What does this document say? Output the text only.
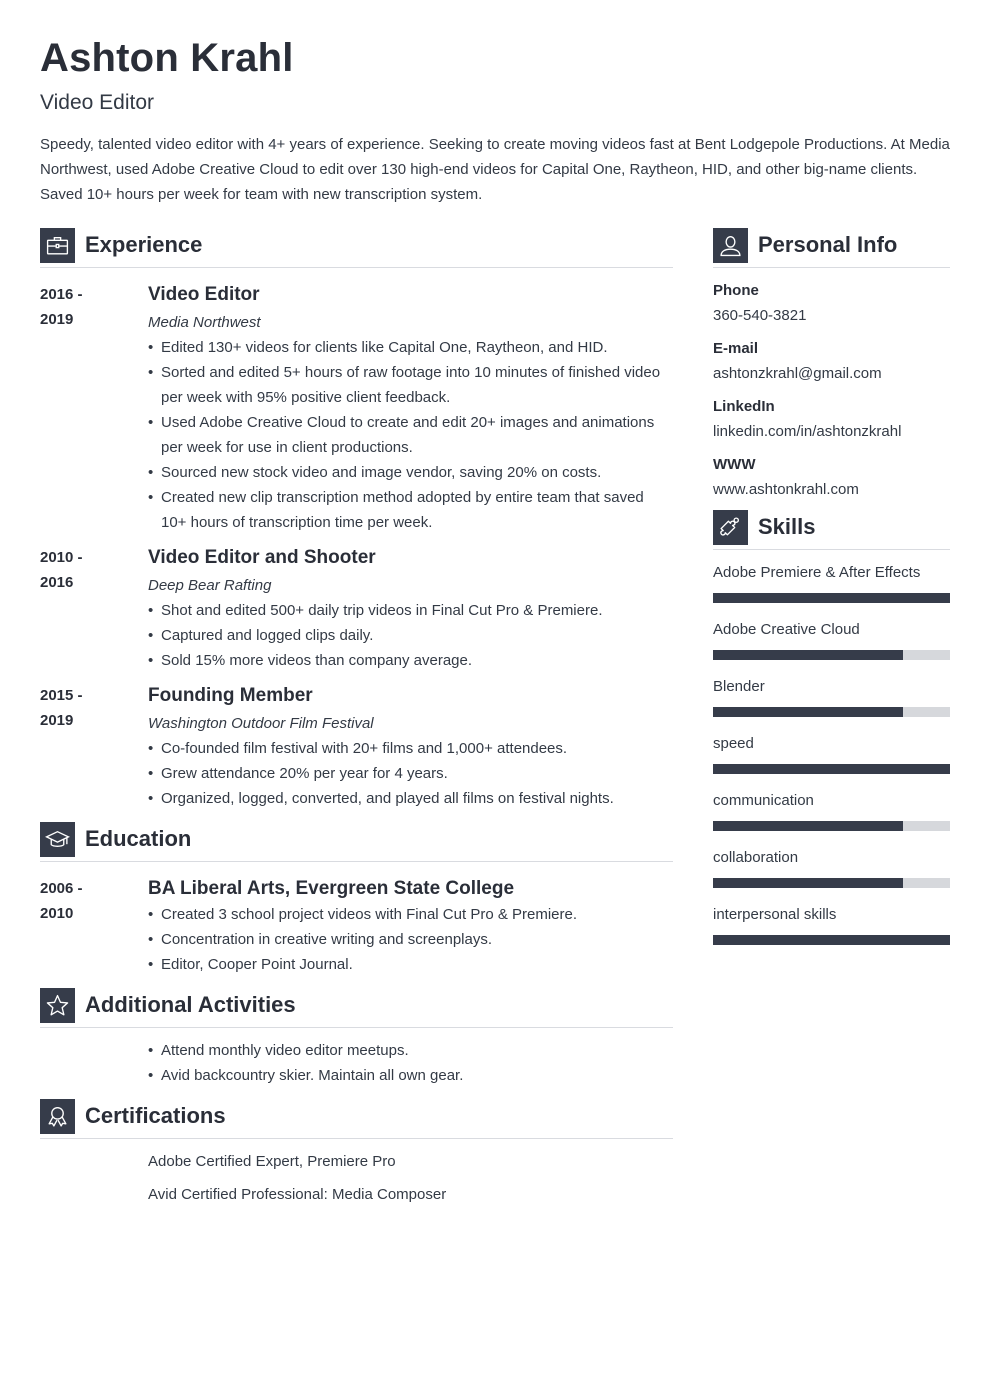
Ashton Krahl
Video Editor
Speedy, talented video editor with 4+ years of experience. Seeking to create moving videos fast at Bent Lodgepole Productions. At Media Northwest, used Adobe Creative Cloud to edit over 130 high-end videos for Capital One, Raytheon, HID, and other big-name clients. Saved 10+ hours per week for team with new transcription system.
Experience
2016 -
2019
Video Editor
Media Northwest
• Edited 130+ videos for clients like Capital One, Raytheon, and HID.
• Sorted and edited 5+ hours of raw footage into 10 minutes of finished video per week with 95% positive client feedback.
• Used Adobe Creative Cloud to create and edit 20+ images and animations per week for use in client productions.
• Sourced new stock video and image vendor, saving 20% on costs.
• Created new clip transcription method adopted by entire team that saved 10+ hours of transcription time per week.
2010 -
2016
Video Editor and Shooter
Deep Bear Rafting
• Shot and edited 500+ daily trip videos in Final Cut Pro & Premiere.
• Captured and logged clips daily.
• Sold 15% more videos than company average.
2015 -
2019
Founding Member
Washington Outdoor Film Festival
• Co-founded film festival with 20+ films and 1,000+ attendees.
• Grew attendance 20% per year for 4 years.
• Organized, logged, converted, and played all films on festival nights.
Education
2006 -
2010
BA Liberal Arts, Evergreen State College
• Created 3 school project videos with Final Cut Pro & Premiere.
• Concentration in creative writing and screenplays.
• Editor, Cooper Point Journal.
Additional Activities
• Attend monthly video editor meetups.
• Avid backcountry skier. Maintain all own gear.
Certifications
Adobe Certified Expert, Premiere Pro
Avid Certified Professional: Media Composer
Personal Info
Phone
360-540-3821
E-mail
ashtonzkrahl@gmail.com
LinkedIn
linkedin.com/in/ashtonzkrahl
WWW
www.ashtonkrahl.com
Skills
Adobe Premiere & After Effects
Adobe Creative Cloud
Blender
speed
communication
collaboration
interpersonal skills
